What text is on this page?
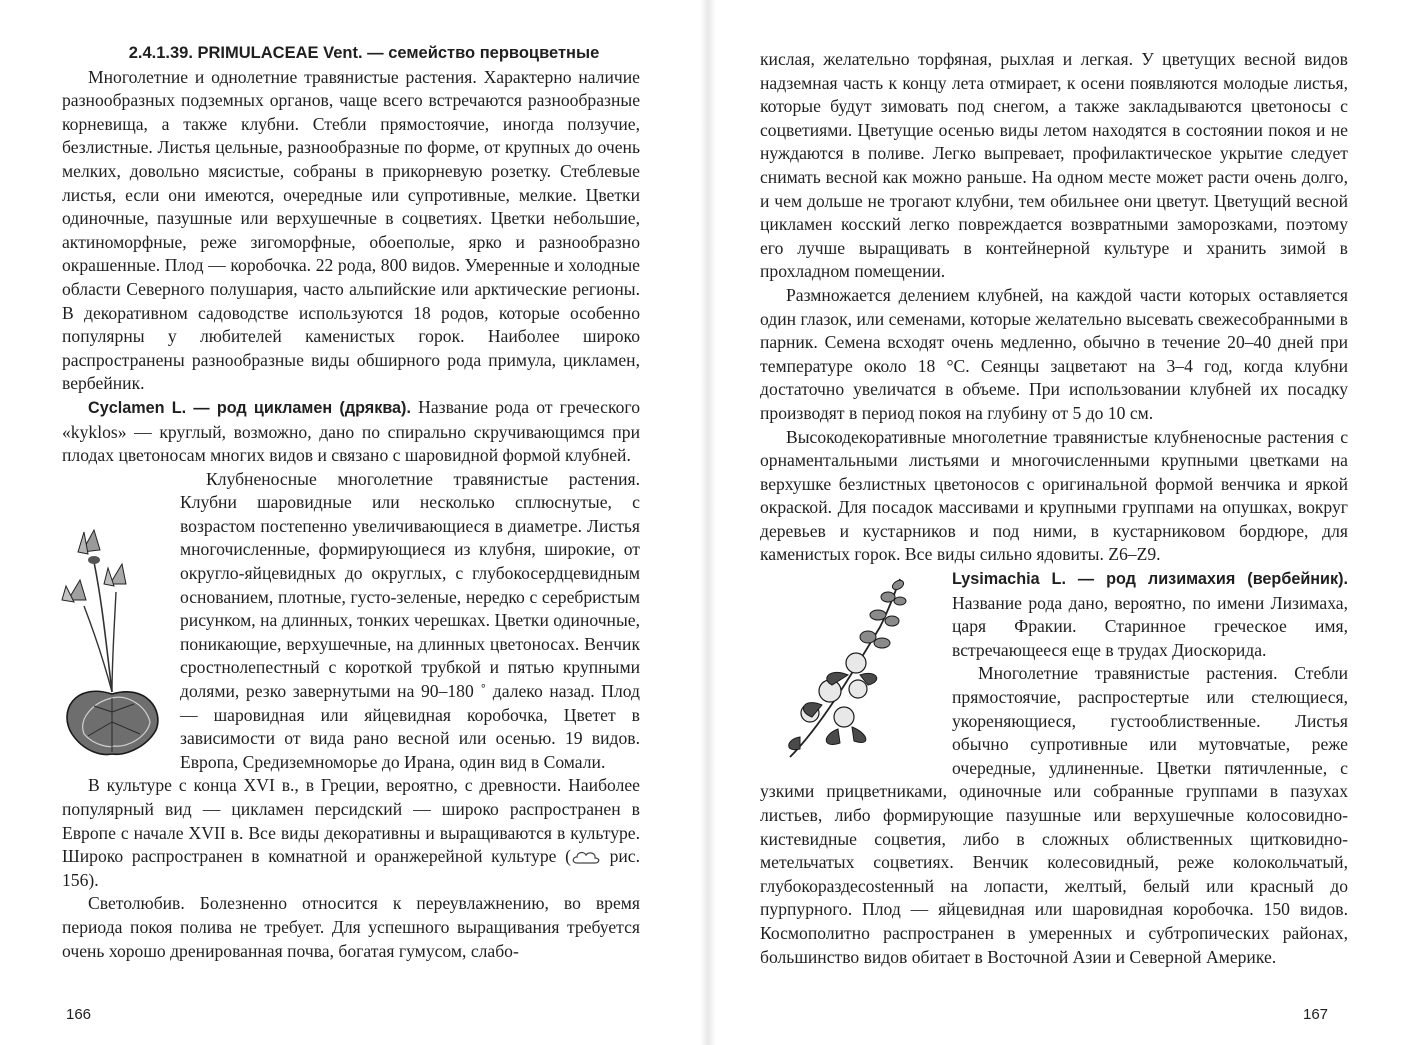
2.4.1.39. PRIMULACEAE Vent. — семейство первоцветные

Многолетние и однолетние травянистые растения. Характерно наличие разнообразных подземных органов, чаще всего встречаются разнообразные корневища, а также клубни. Стебли прямостоячие, иногда ползучие, безлистные. Листья цельные, разнообразные по форме, от крупных до очень мелких, довольно мясистые, собраны в прикорневую розетку. Стеблевые листья, если они имеются, очередные или супротивные, мелкие. Цветки одиночные, пазушные или верхушечные в соцветиях. Цветки небольшие, актиноморфные, реже зигоморфные, обоеполые, ярко и разнообразно окрашенные. Плод — коробочка. 22 рода, 800 видов. Умеренные и холодные области Северного полушария, часто альпийские или арктические регионы. В декоративном садоводстве используются 18 родов, которые особенно популярны у любителей каменистых горок. Наиболее широко распространены разнообразные виды обширного рода примула, цикламен, вербейник.

Cyclamen L. — род цикламен (дряква). Название рода от греческого «kyklos» — круглый, возможно, дано по спирально скручивающимся при плодах цветоносам многих видов и связано с шаровидной формой клубней.

Клубненосные многолетние травянистые растения. Клубни шаровидные или несколько сплюснутые, с возрастом постепенно увеличивающиеся в диаметре. Листья многочисленные, формирующиеся из клубня, широкие, от округло-яйцевидных до округлых, с глубокосердцевидным основанием, плотные, густо-зеленые, нередко с серебристым рисунком, на длинных, тонких черешках. Цветки одиночные, поникающие, верхушечные, на длинных цветоносах. Венчик сростнолепестный с короткой трубкой и пятью крупными долями, резко завернутыми на 90–180 ˚ далеко назад. Плод — шаровидная или яйцевидная коробочка, Цветет в зависимости от вида рано весной или осенью. 19 видов. Европа, Средиземноморье до Ирана, один вид в Сомали.

В культуре с конца XVI в., в Греции, вероятно, с древности. Наиболее популярный вид — цикламен персидский — широко распространен в Европе с начале XVII в. Все виды декоративны и выращиваются в культуре. Широко распространен в комнатной и оранжерейной культуре ( рис. 156).

Светолюбив. Болезненно относится к переувлажнению, во время периода покоя полива не требует. Для успешного выращивания требуется очень хорошо дренированная почва, богатая гумусом, слабо-

166

кислая, желательно торфяная, рыхлая и легкая. У цветущих весной видов надземная часть к концу лета отмирает, к осени появляются молодые листья, которые будут зимовать под снегом, а также закладываются цветоносы с соцветиями. Цветущие осенью виды летом находятся в состоянии покоя и не нуждаются в поливе. Легко выпревает, профилактическое укрытие следует снимать весной как можно раньше. На одном месте может расти очень долго, и чем дольше не трогают клубни, тем обильнее они цветут. Цветущий весной цикламен косский легко повреждается возвратными заморозками, поэтому его лучше выращивать в контейнерной культуре и хранить зимой в прохладном помещении.

Размножается делением клубней, на каждой части которых оставляется один глазок, или семенами, которые желательно высевать свежесобранными в парник. Семена всходят очень медленно, обычно в течение 20–40 дней при температуре около 18 °С. Сеянцы зацветают на 3–4 год, когда клубни достаточно увеличатся в объеме. При использовании клубней их посадку производят в период покоя на глубину от 5 до 10 см.

Высокодекоративные многолетние травянистые клубненосные растения с орнаментальными листьями и многочисленными крупными цветками на верхушке безлистных цветоносов с оригинальной формой венчика и яркой окраской. Для посадок массивами и крупными группами на опушках, вокруг деревьев и кустарников и под ними, в кустарниковом бордюре, для каменистых горок. Все виды сильно ядовиты. Z6–Z9.

Lysimachia L. — род лизимахия (вербейник). Название рода дано, вероятно, по имени Лизимаха, царя Фракии. Старинное греческое имя, встречающееся еще в трудах Диоскорида.

Многолетние травянистые растения. Стебли прямостоячие, распростертые или стелющиеся, укореняющиеся, густооблиственные. Листья обычно супротивные или мутовчатые, реже очередные, удлиненные. Цветки пятичленные, с узкими прицветниками, одиночные или собранные группами в пазухах листьев, либо формирующие пазушные или верхушечные колосовидно-кистевидные соцветия, либо в сложных облиственных щитковидно-метельчатых соцветиях. Венчик колесовидный, реже колокольчатый, глубокораздеcostенный на лопасти, желтый, белый или красный до пурпурного. Плод — яйцевидная или шаровидная коробочка. 150 видов. Космополитно распространен в умеренных и субтропических районах, большинство видов обитает в Восточной Азии и Северной Америке.

167
